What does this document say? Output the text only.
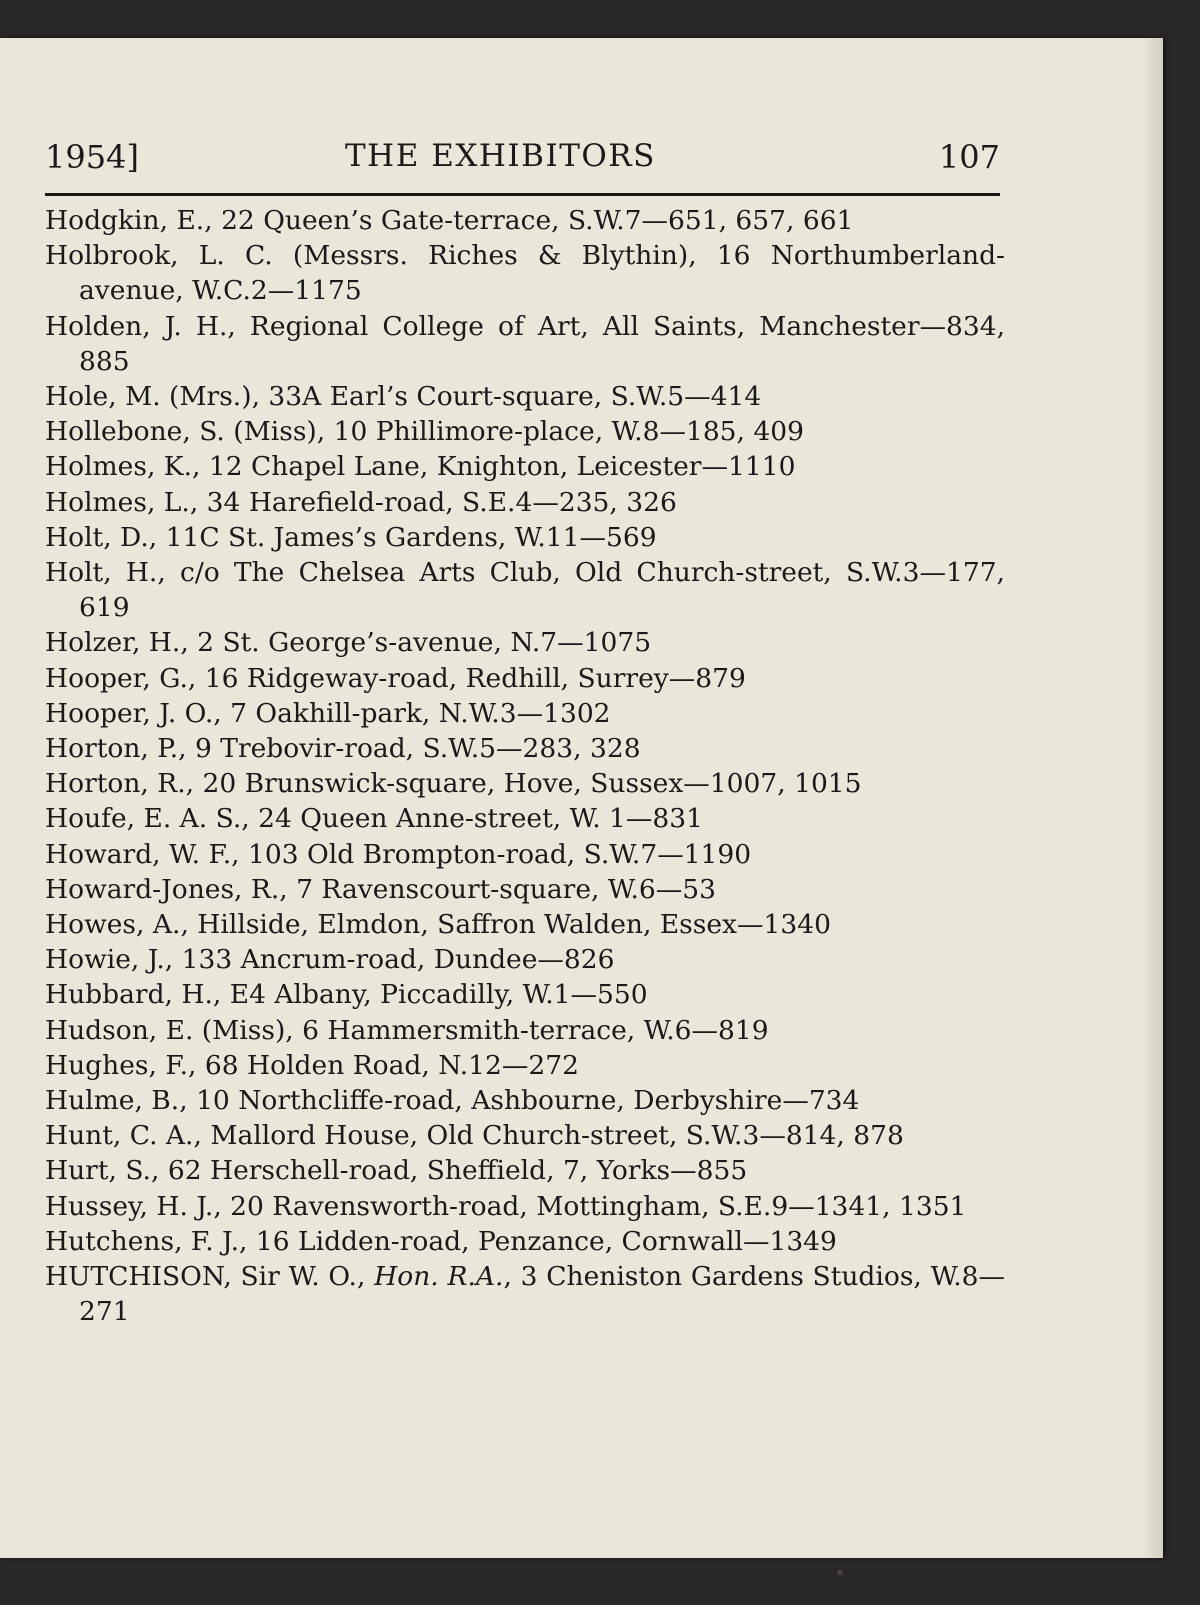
1954]	THE EXHIBITORS	107

Hodgkin, E., 22 Queen’s Gate-terrace, S.W.7 — 651, 657, 661

Holbrook, L. C. (Messrs. Riches & Blythin), 16 Northumberland-avenue, W.C.2 — 1175

Holden, J. H., Regional College of Art, All Saints, Manchester — 834, 885

Hole, M. (Mrs.), 33A Earl’s Court-square, S.W.5 — 414

Hollebone, S. (Miss), 10 Phillimore-place, W.8 — 185, 409

Holmes, K., 12 Chapel Lane, Knighton, Leicester — 1110

Holmes, L., 34 Harefield-road, S.E.4 — 235, 326

Holt, D., 11C St. James’s Gardens, W.11 — 569

Holt, H., c/o The Chelsea Arts Club, Old Church-street, S.W.3 — 177, 619

Holzer, H., 2 St. George’s-avenue, N.7 — 1075

Hooper, G., 16 Ridgeway-road, Redhill, Surrey — 879

Hooper, J. O., 7 Oakhill-park, N.W.3 — 1302

Horton, P., 9 Trebovir-road, S.W.5 — 283, 328

Horton, R., 20 Brunswick-square, Hove, Sussex — 1007, 1015

Houfe, E. A. S., 24 Queen Anne-street, W. 1 — 831

Howard, W. F., 103 Old Brompton-road, S.W.7 — 1190

Howard-Jones, R., 7 Ravenscourt-square, W.6 — 53

Howes, A., Hillside, Elmdon, Saffron Walden, Essex — 1340

Howie, J., 133 Ancrum-road, Dundee — 826

Hubbard, H., E4 Albany, Piccadilly, W.1 — 550

Hudson, E. (Miss), 6 Hammersmith-terrace, W.6 — 819

Hughes, F., 68 Holden Road, N.12 — 272

Hulme, B., 10 Northcliffe-road, Ashbourne, Derbyshire — 734

Hunt, C. A., Mallord House, Old Church-street, S.W.3 — 814, 878

Hurt, S., 62 Herschell-road, Sheffield, 7, Yorks — 855

Hussey, H. J., 20 Ravensworth-road, Mottingham, S.E.9 — 1341, 1351

Hutchens, F. J., 16 Lidden-road, Penzance, Cornwall — 1349

HUTCHISON, Sir W. O., Hon. R.A., 3 Cheniston Gardens Studios, W.8— 271
